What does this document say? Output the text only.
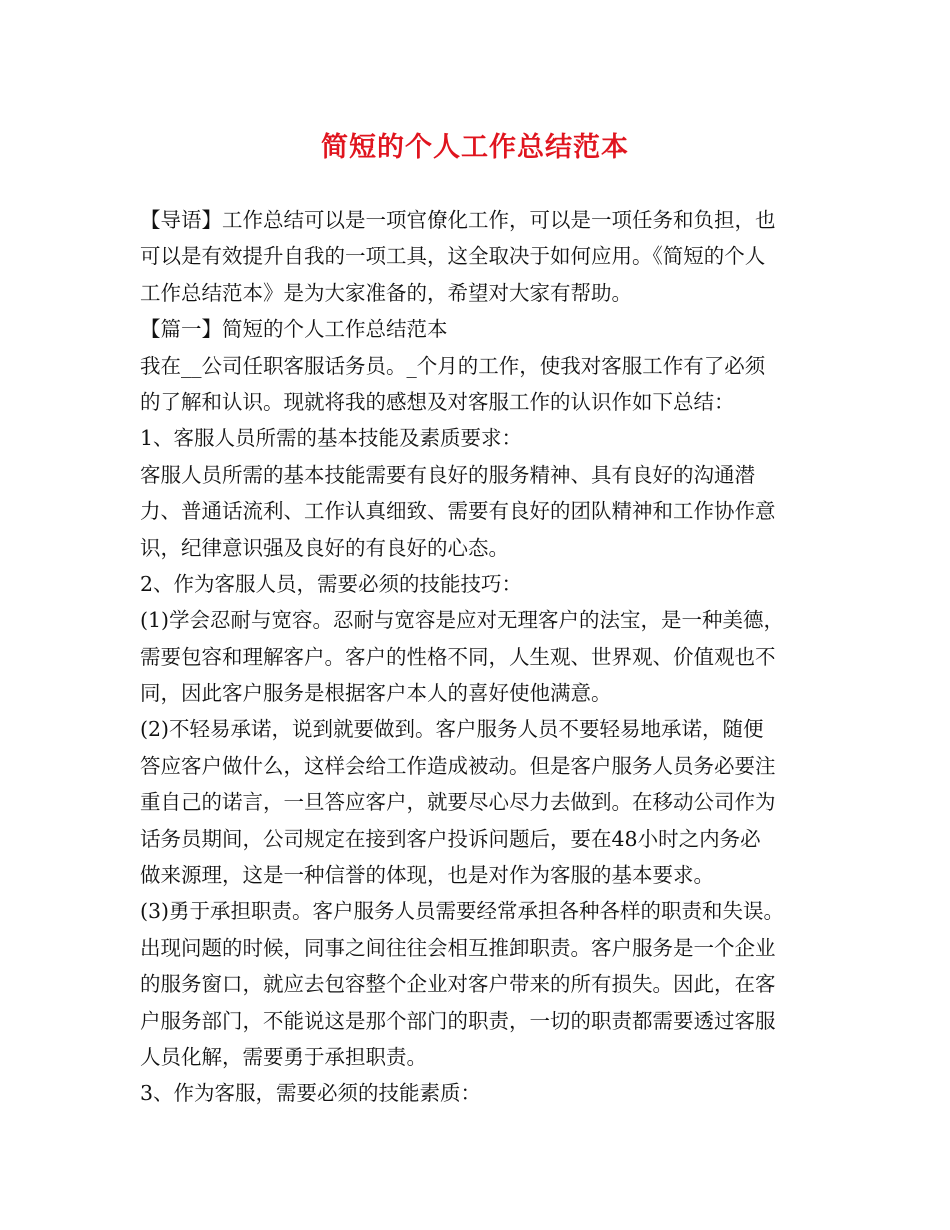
简短的个人工作总结范本
【导语】工作总结可以是一项官僚化工作，可以是一项任务和负担，也
可以是有效提升自我的一项工具，这全取决于如何应用。《简短的个人
工作总结范本》是为大家准备的，希望对大家有帮助。
【篇一】简短的个人工作总结范本
我在__公司任职客服话务员。_个月的工作，使我对客服工作有了必须
的了解和认识。现就将我的感想及对客服工作的认识作如下总结：
1、客服人员所需的基本技能及素质要求：
客服人员所需的基本技能需要有良好的服务精神、具有良好的沟通潜
力、普通话流利、工作认真细致、需要有良好的团队精神和工作协作意
识，纪律意识强及良好的有良好的心态。
2、作为客服人员，需要必须的技能技巧：
(1)学会忍耐与宽容。忍耐与宽容是应对无理客户的法宝，是一种美德，
需要包容和理解客户。客户的性格不同，人生观、世界观、价值观也不
同，因此客户服务是根据客户本人的喜好使他满意。
(2)不轻易承诺，说到就要做到。客户服务人员不要轻易地承诺，随便
答应客户做什么，这样会给工作造成被动。但是客户服务人员务必要注
重自己的诺言，一旦答应客户，就要尽心尽力去做到。在移动公司作为
话务员期间，公司规定在接到客户投诉问题后，要在48小时之内务必
做来源理，这是一种信誉的体现，也是对作为客服的基本要求。
(3)勇于承担职责。客户服务人员需要经常承担各种各样的职责和失误。
出现问题的时候，同事之间往往会相互推卸职责。客户服务是一个企业
的服务窗口，就应去包容整个企业对客户带来的所有损失。因此，在客
户服务部门，不能说这是那个部门的职责，一切的职责都需要透过客服
人员化解，需要勇于承担职责。
3、作为客服，需要必须的技能素质：
